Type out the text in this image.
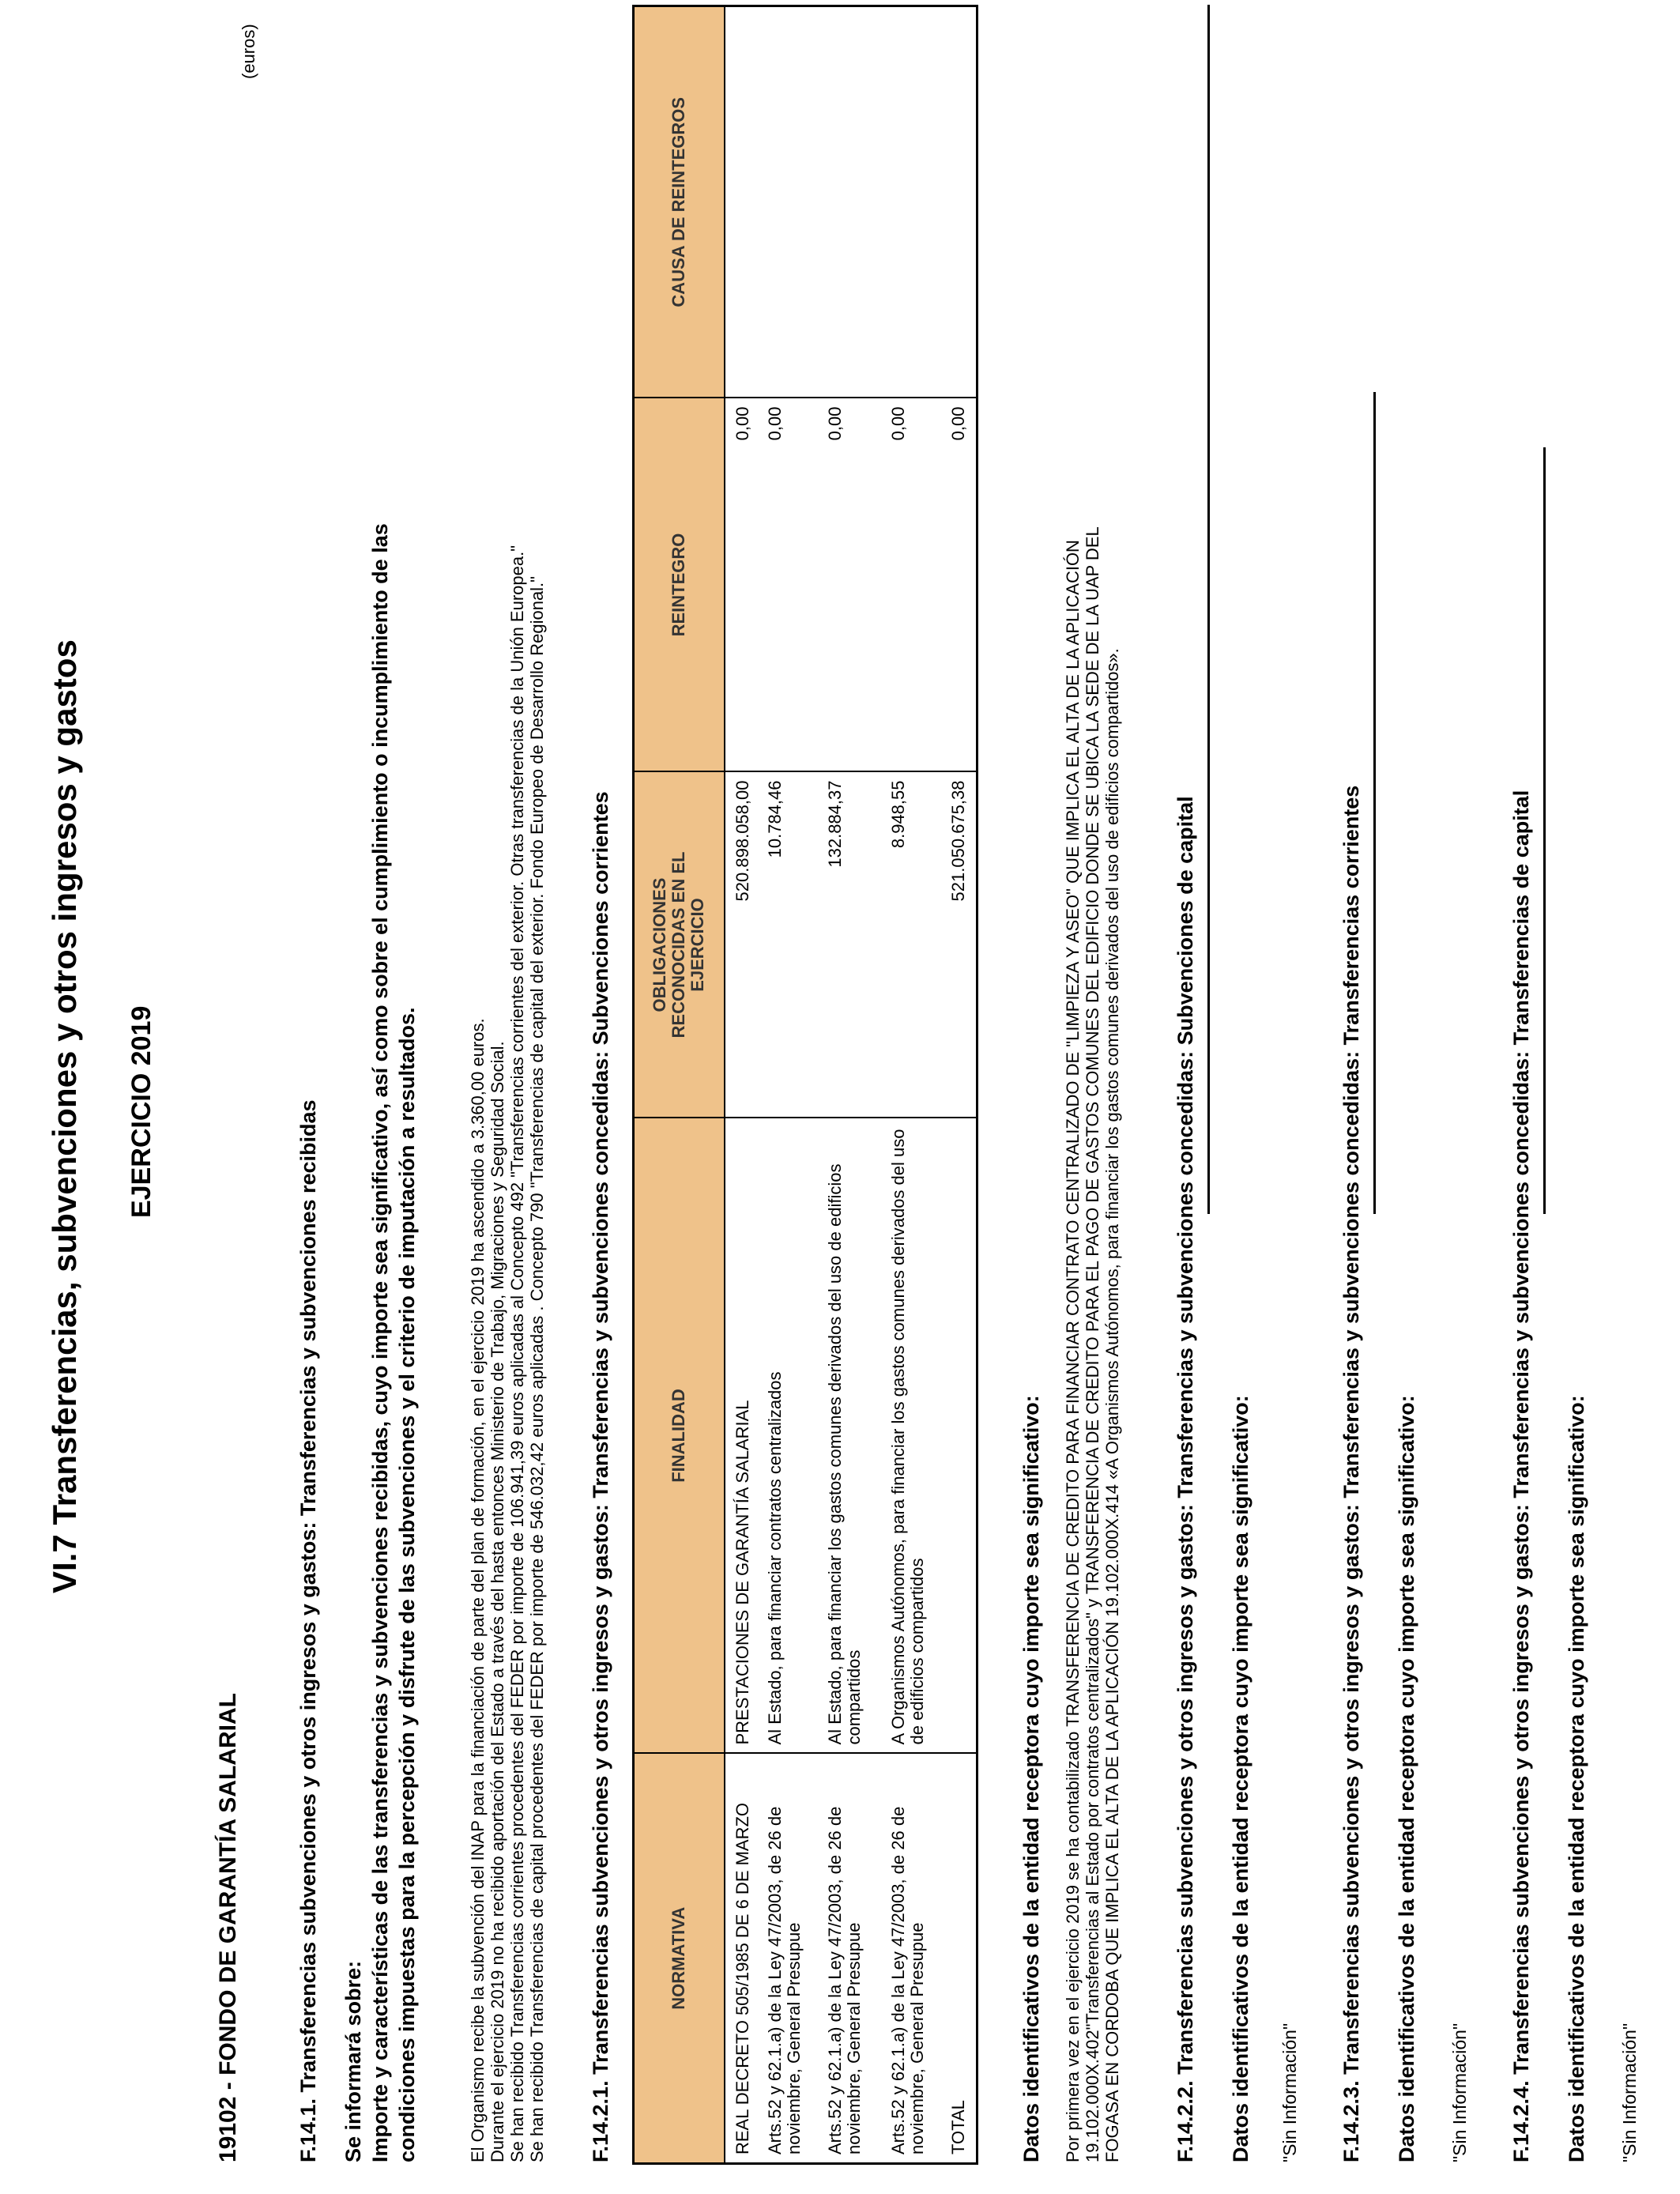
VI.7 Transferencias, subvenciones y otros ingresos y gastos EJERCICIO 2019
(euros)
19102 - FONDO DE GARANTÍA SALARIAL	F.14.1. Transferencias subvenciones y otros ingresos y gastos: Transferencias y subvenciones recibidas Se informará sobre: Importe y características de las transferencias y subvenciones recibidas, cuyo importe sea significativo, así como sobre el cumplimiento o incumplimiento de las condiciones impuestas para la percepción y disfrute de las subvenciones y el criterio de imputación a resultados.	El Organismo recibe la subvención del INAP para la financiación de parte del plan de formación, en el ejercicio 2019 ha ascendido a 3.360,00 euros. Durante el ejercicio 2019 no ha recibido aportación del Estado a través del hasta entonces Ministerio de Trabajo, Migraciones y Seguridad Social. Se han recibido Transferencias corrientes procedentes del FEDER por importe de 106.941,39 euros aplicadas al Concepto 492 "Transferencias corrientes del exterior. Otras transferencias de la Unión Europea." Se han recibido Transferencias de capital procedentes del FEDER por importe de 546.032,42 euros aplicadas . Concepto 790 "Transferencias de capital del exterior. Fondo Europeo de Desarrollo Regional." F.14.2.1. Transferencias subvenciones y otros ingresos y gastos: Transferencias y subvenciones concedidas: Subvenciones corrientes	NORMATIVA	FINALIDAD	OBLIGACIONES RECONOCIDAS EN EL EJERCICIO	REINTEGRO	CAUSA DE REINTEGROS
REAL DECRETO 505/1985 DE 6 DE MARZO	PRESTACIONES DE GARANTÍA SALARIAL	520.898.058,00	0,00	
Arts.52 y 62.1.a) de la Ley 47/2003, de 26 de noviembre, General Presupue	Al Estado, para financiar contratos centralizados	10.784,46	0,00	
Arts.52 y 62.1.a) de la Ley 47/2003, de 26 de noviembre, General Presupue	Al Estado, para financiar los gastos comunes derivados del uso de edificios compartidos	132.884,37	0,00	
Arts.52 y 62.1.a) de la Ley 47/2003, de 26 de noviembre, General Presupue	A Organismos Autónomos, para financiar los gastos comunes derivados del uso de edificios compartidos	8.948,55	0,00	
TOTAL		521.050.675,38	0,00	
Datos identificativos de la entidad receptora cuyo importe sea significativo: Por primera vez en el ejercicio 2019 se ha contabilizado TRANSFERENCIA DE CREDITO PARA FINANCIAR CONTRATO CENTRALIZADO DE "LIMPIEZA Y ASEO" QUE IMPLICA EL ALTA DE LA APLICACIÓN 19.102.000X.402"Transferencias al Estado por contratos centralizados" y TRANSFERENCIA DE CREDITO PARA EL PAGO DE GASTOS COMUNES DEL EDIFICIO DONDE SE UBICA LA SEDE DE LA UAP DEL FOGASA EN CORDOBA QUE IMPLICA EL ALTA DE LA APLICACIÓN 19.102.000X.414 «A Organismos Autónomos, para financiar los gastos comunes derivados del uso de edificios compartidos». F.14.2.2. Transferencias subvenciones y otros ingresos y gastos: Transferencias y subvenciones concedidas: Subvenciones de capital Datos identificativos de la entidad receptora cuyo importe sea significativo: "Sin Información" F.14.2.3. Transferencias subvenciones y otros ingresos y gastos: Transferencias y subvenciones concedidas: Transferencias corrientes Datos identificativos de la entidad receptora cuyo importe sea significativo: "Sin Información" F.14.2.4. Transferencias subvenciones y otros ingresos y gastos: Transferencias y subvenciones concedidas: Transferencias de capital Datos identificativos de la entidad receptora cuyo importe sea significativo: "Sin Información"
